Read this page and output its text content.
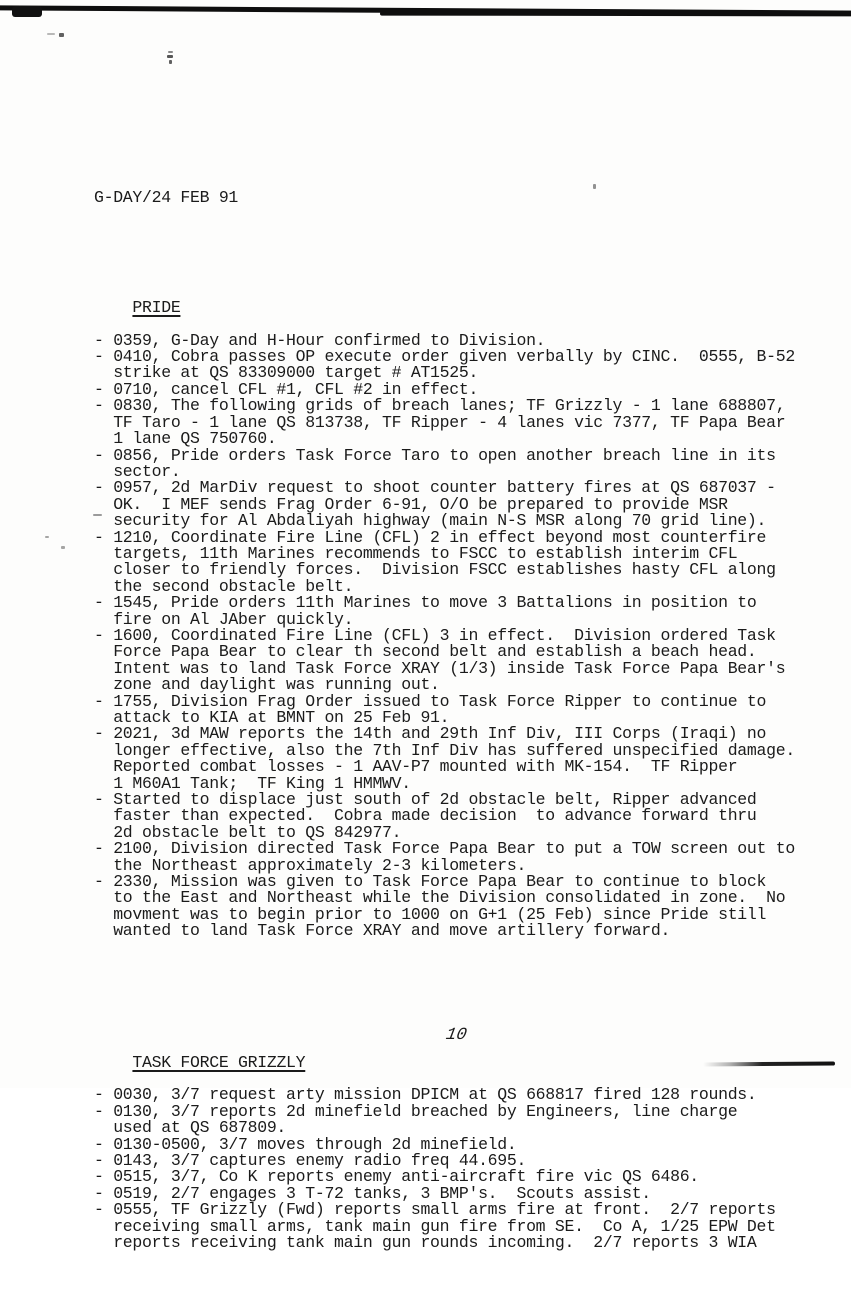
G-DAY/24 FEB 91

PRIDE

- 0359, G-Day and H-Hour confirmed to Division.
- 0410, Cobra passes OP execute order given verbally by CINC.  0555, B-52
strike at QS 83309000 target # AT1525.
- 0710, cancel CFL #1, CFL #2 in effect.
- 0830, The following grids of breach lanes; TF Grizzly - 1 lane 688807,
TF Taro - 1 lane QS 813738, TF Ripper - 4 lanes vic 7377, TF Papa Bear
1 lane QS 750760.
- 0856, Pride orders Task Force Taro to open another breach line in its
sector.
- 0957, 2d MarDiv request to shoot counter battery fires at QS 687037 -
OK.  I MEF sends Frag Order 6-91, O/O be prepared to provide MSR
security for Al Abdaliyah highway (main N-S MSR along 70 grid line).
- 1210, Coordinate Fire Line (CFL) 2 in effect beyond most counterfire
targets, 11th Marines recommends to FSCC to establish interim CFL
closer to friendly forces.  Division FSCC establishes hasty CFL along
the second obstacle belt.
- 1545, Pride orders 11th Marines to move 3 Battalions in position to
fire on Al JAber quickly.
- 1600, Coordinated Fire Line (CFL) 3 in effect.  Division ordered Task
Force Papa Bear to clear th second belt and establish a beach head.
Intent was to land Task Force XRAY (1/3) inside Task Force Papa Bear's
zone and daylight was running out.
- 1755, Division Frag Order issued to Task Force Ripper to continue to
attack to KIA at BMNT on 25 Feb 91.
- 2021, 3d MAW reports the 14th and 29th Inf Div, III Corps (Iraqi) no
longer effective, also the 7th Inf Div has suffered unspecified damage.
Reported combat losses - 1 AAV-P7 mounted with MK-154.  TF Ripper
1 M60A1 Tank;  TF King 1 HMMWV.
- Started to displace just south of 2d obstacle belt, Ripper advanced
faster than expected.  Cobra made decision  to advance forward thru
2d obstacle belt to QS 842977.
- 2100, Division directed Task Force Papa Bear to put a TOW screen out to
the Northeast approximately 2-3 kilometers.
- 2330, Mission was given to Task Force Papa Bear to continue to block
to the East and Northeast while the Division consolidated in zone.  No
movment was to begin prior to 1000 on G+1 (25 Feb) since Pride still
wanted to land Task Force XRAY and move artillery forward.

TASK FORCE GRIZZLY

- 0030, 3/7 request arty mission DPICM at QS 668817 fired 128 rounds.
- 0130, 3/7 reports 2d minefield breached by Engineers, line charge
used at QS 687809.
- 0130-0500, 3/7 moves through 2d minefield.
- 0143, 3/7 captures enemy radio freq 44.695.
- 0515, 3/7, Co K reports enemy anti-aircraft fire vic QS 6486.
- 0519, 2/7 engages 3 T-72 tanks, 3 BMP's.  Scouts assist.
- 0555, TF Grizzly (Fwd) reports small arms fire at front.  2/7 reports
receiving small arms, tank main gun fire from SE.  Co A, 1/25 EPW Det
reports receiving tank main gun rounds incoming.  2/7 reports 3 WIA

10
